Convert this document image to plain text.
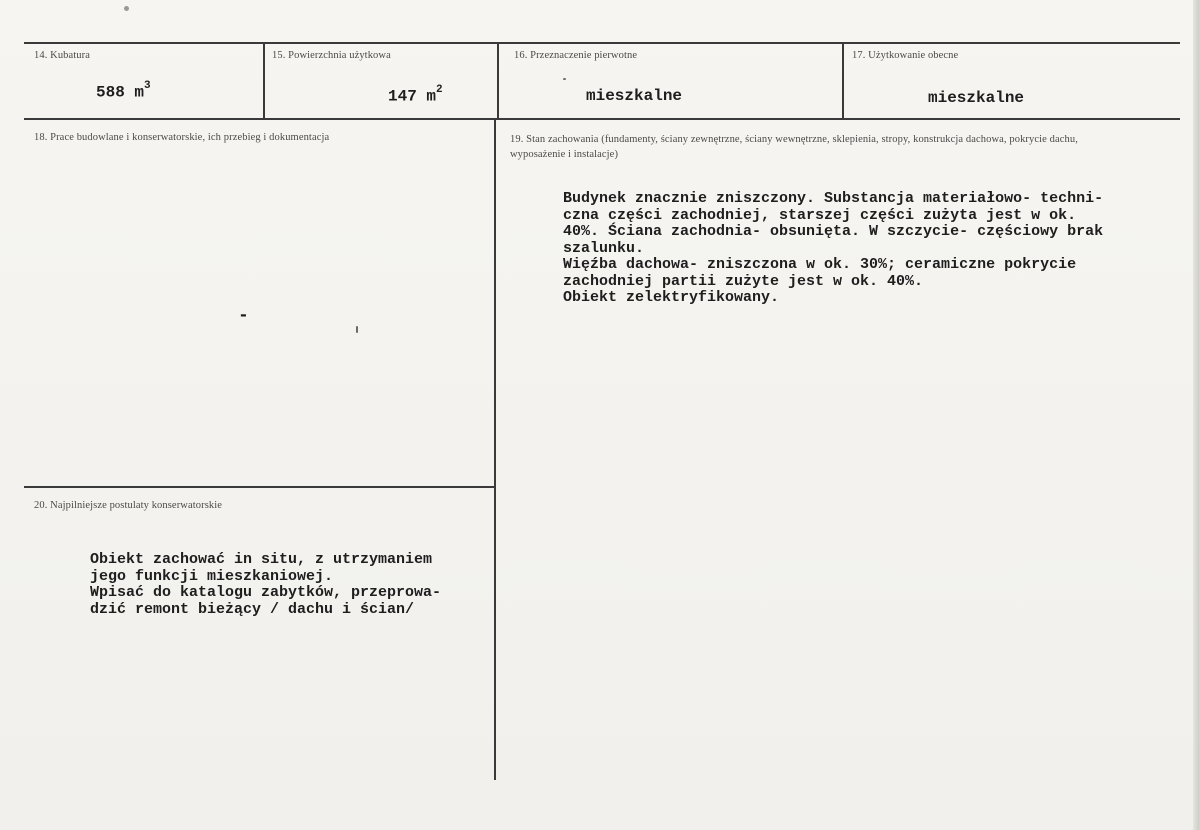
14. Kubatura
588 $m^3$
15. Powierzchnia użytkowa
147 $m^2$
16. Przeznaczenie pierwotne
mieszkalne
17. Użytkowanie obecne
mieszkalne
18. Prace budowlane i konserwatorskie, ich przebieg i dokumentacja
-
19. Stan zachowania (fundamenty, ściany zewnętrzne, ściany wewnętrzne, sklepienia, stropy, konstrukcja dachowa, pokrycie dachu, wyposażenie i instalacje)
Budynek znacznie zniszczony. Substancja materiałowo- techni-
czna części zachodniej, starszej części zużyta jest w ok.
40%. Ściana zachodnia- obsunięta. W szczycie- częściowy brak
szalunku.
Więźba dachowa- zniszczona w ok. 30%; ceramiczne pokrycie
zachodniej partii zużyte jest w ok. 40%.
Obiekt zelektryfikowany.
20. Najpilniejsze postulaty konserwatorskie
Obiekt zachować in situ, z utrzymaniem
jego funkcji mieszkaniowej.
Wpisać do katalogu zabytków, przeprowa-
dzić remont bieżący / dachu i ścian/
